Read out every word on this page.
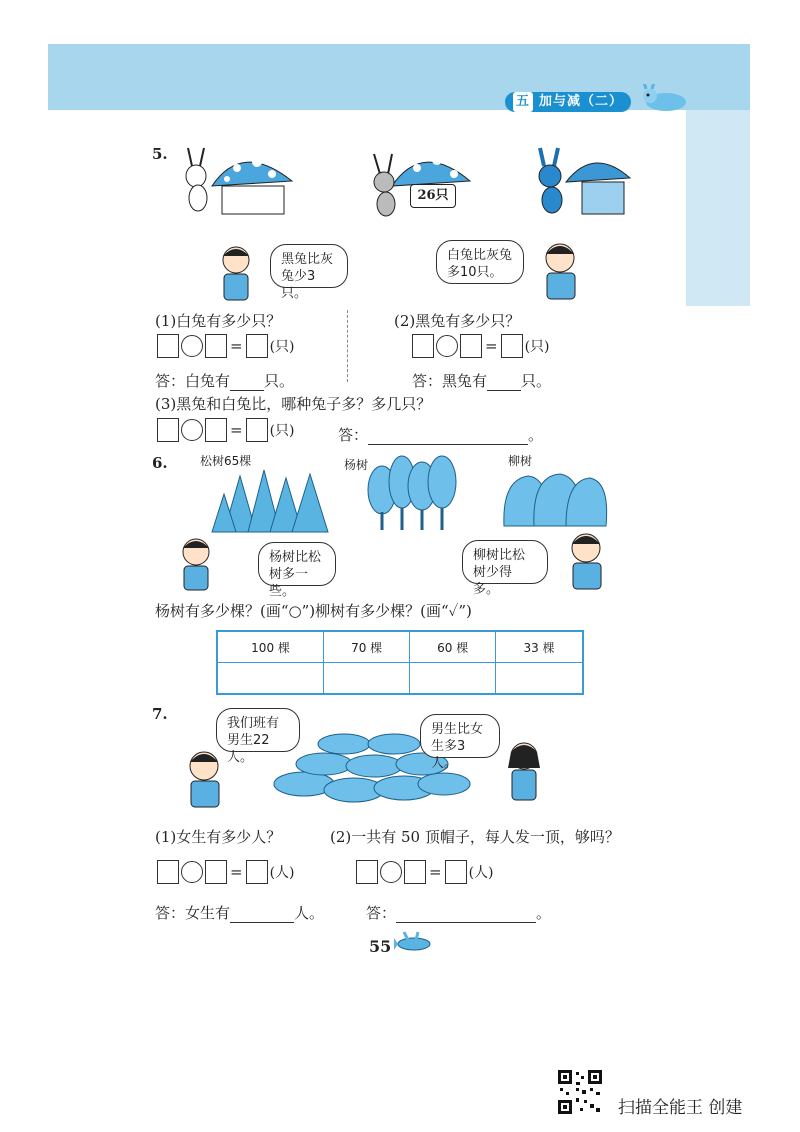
五 加与减（二）
5.
26只
黑兔比灰兔少3只。
白兔比灰兔多10只。
(1)白兔有多少只？
= (只)
答：白兔有 只。
(2)黑兔有多少只？
= (只)
答：黑兔有 只。
(3)黑兔和白兔比，哪种兔子多？多几只？
= (只)	答：	。
6.	松树65棵	杨树	柳树
杨树比松树多一些。
柳树比松树少得多。
杨树有多少棵？(画“○”)柳树有多少棵？(画“✓”)
100 棵	70 棵	60 棵	33 棵

7.
我们班有男生22人。
男生比女生多3人。
(1)女生有多少人？	(2)一共有 50 顶帽子，每人发一顶，够吗？
= (人)	= (人)
答：女生有	人。	答：	。
55
扫描全能王 创建
